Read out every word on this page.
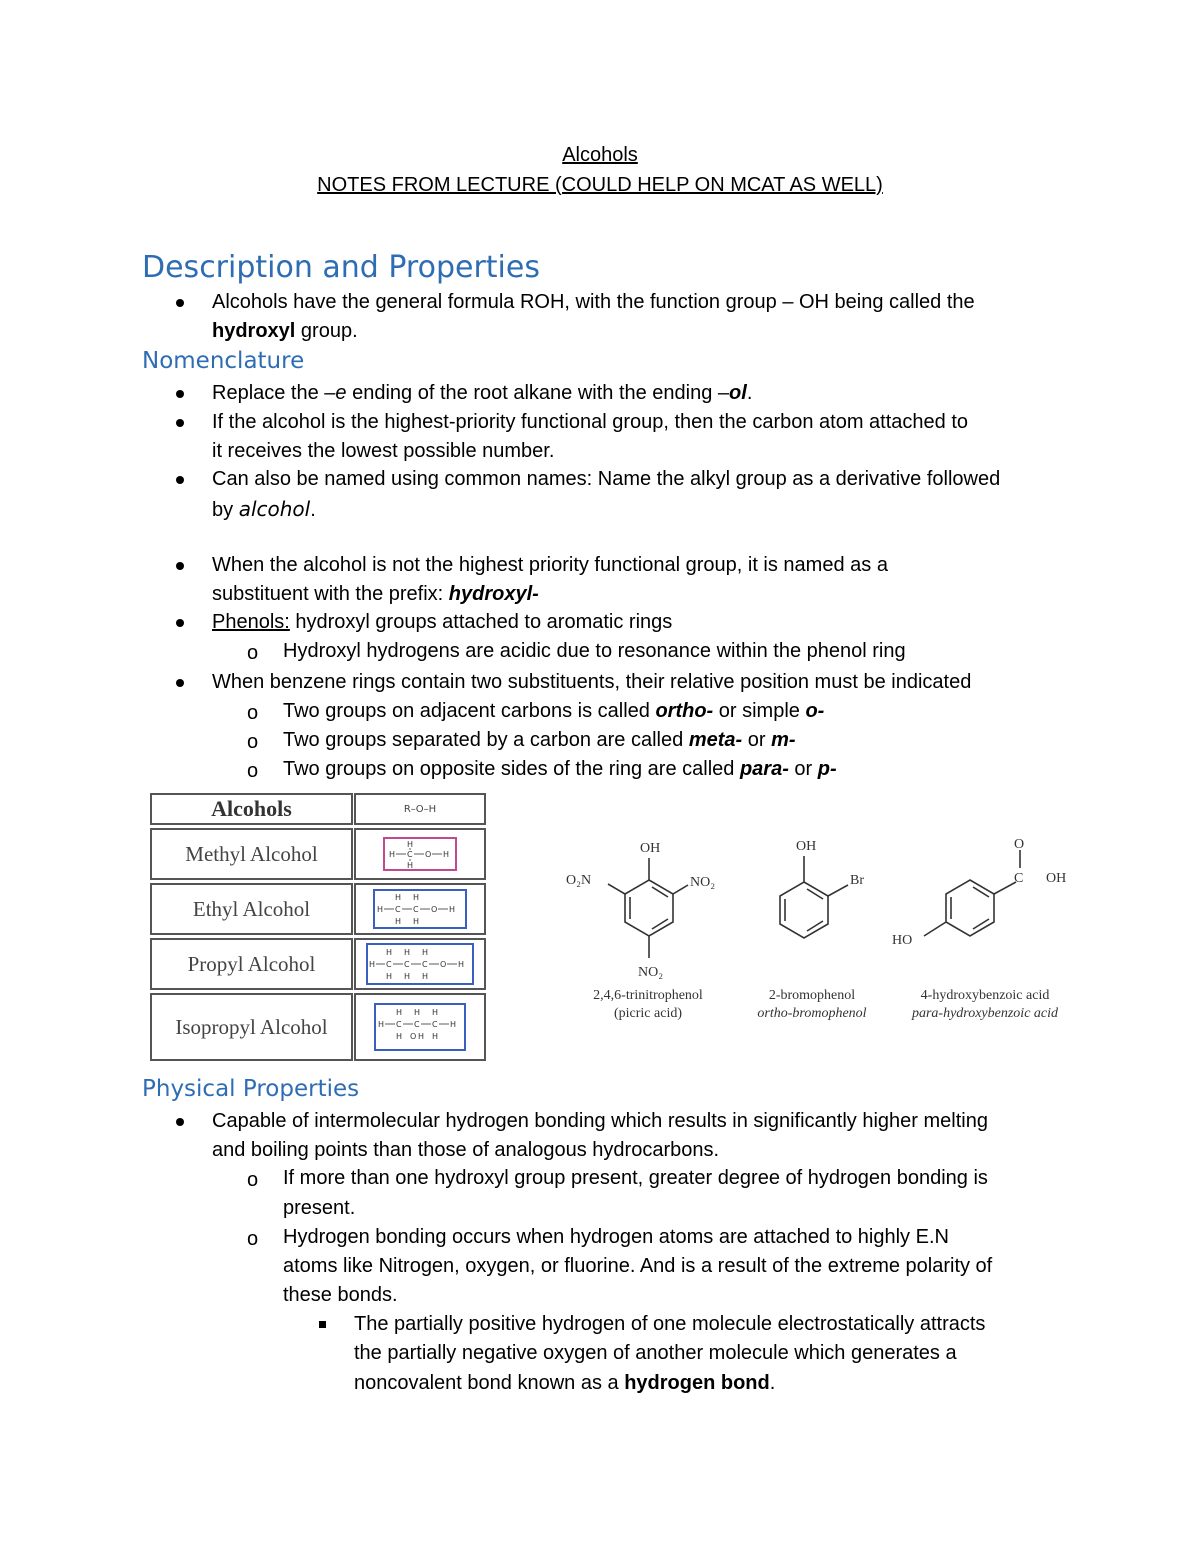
Alcohols
NOTES FROM LECTURE (COULD HELP ON MCAT AS WELL)
Description and Properties
Alcohols have the general formula ROH, with the function group – OH being called the
hydroxyl group.
Nomenclature
Replace the –e ending of the root alkane with the ending –ol.
If the alcohol is the highest-priority functional group, then the carbon atom attached to
it receives the lowest possible number.
Can also be named using common names: Name the alkyl group as a derivative followed
by alcohol.
When the alcohol is not the highest priority functional group, it is named as a
substituent with the prefix: hydroxyl-
Phenols: hydroxyl groups attached to aromatic rings
o Hydroxyl hydrogens are acidic due to resonance within the phenol ring
When benzene rings contain two substituents, their relative position must be indicated
o Two groups on adjacent carbons is called ortho- or simple o-
o Two groups separated by a carbon are called meta- or m-
o Two groups on opposite sides of the ring are called para- or p-
Alcohols	R–O–H
Methyl Alcohol	H
H C O H
H
Ethyl Alcohol	H H
H C C O H
H H
Propyl Alcohol	H H H
H C C C O H
H H H
Isopropyl Alcohol
H H H
H C C C H
H O H H
OH
O₂N	NO₂
NO₂
OH
Br
O
C OH
HO
2,4,6-trinitrophenol
(picric acid)
2-bromophenol
ortho-bromophenol
4-hydroxybenzoic acid
para-hydroxybenzoic acid
Physical Properties
Capable of intermolecular hydrogen bonding which results in significantly higher melting
and boiling points than those of analogous hydrocarbons.
o If more than one hydroxyl group present, greater degree of hydrogen bonding is
present.
o Hydrogen bonding occurs when hydrogen atoms are attached to highly E.N
atoms like Nitrogen, oxygen, or fluorine. And is a result of the extreme polarity of
these bonds.
The partially positive hydrogen of one molecule electrostatically attracts
the partially negative oxygen of another molecule which generates a
noncovalent bond known as a hydrogen bond.
